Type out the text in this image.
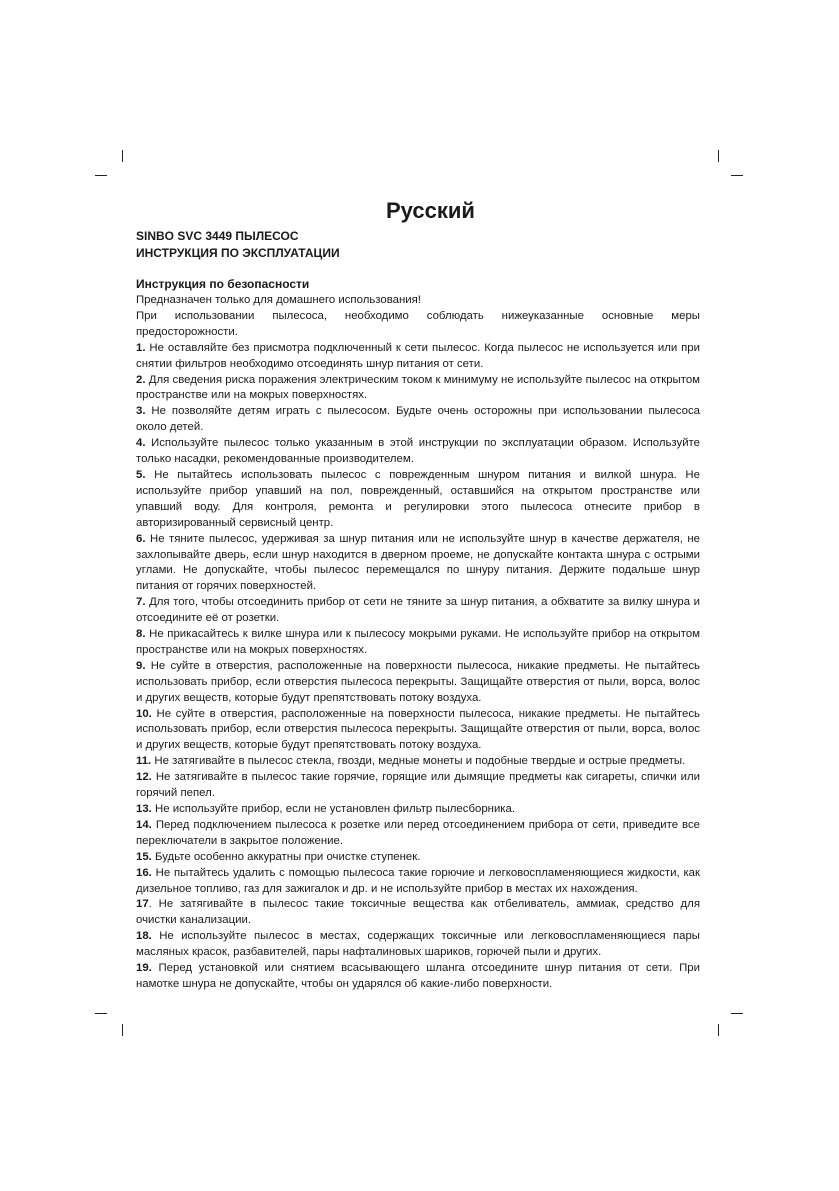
Русский
SINBO SVC 3449 ПЫЛЕСОС
ИНСТРУКЦИЯ ПО ЭКСПЛУАТАЦИИ
Инструкция по безопасности

Предназначен только для домашнего использования!

При использовании пылесоса, необходимо соблюдать нижеуказанные основные меры предосторожности.

1. Не оставляйте без присмотра подключенный к сети пылесос. Когда пылесос не используется или при снятии фильтров необходимо отсоединять шнур питания от сети.

2. Для сведения риска поражения электрическим током к минимуму не используйте пылесос на открытом пространстве или на мокрых поверхностях.

3. Не позволяйте детям играть с пылесосом. Будьте очень осторожны при использовании пылесоса около детей.

4. Используйте пылесос только указанным в этой инструкции по эксплуатации образом. Используйте только насадки, рекомендованные производителем.

5. Не пытайтесь использовать пылесос с поврежденным шнуром питания и вилкой шнура. Не используйте прибор упавший на пол, поврежденный, оставшийся на открытом пространстве или упавший воду. Для контроля, ремонта и регулировки этого пылесоса отнесите прибор в авторизированный сервисный центр.

6. Не тяните пылесос, удерживая за шнур питания или не используйте шнур в качестве держателя, не захлопывайте дверь, если шнур находится в дверном проеме, не допускайте контакта шнура с острыми углами. Не допускайте, чтобы пылесос перемещался по шнуру питания. Держите подальше шнур питания от горячих поверхностей.

7. Для того, чтобы отсоединить прибор от сети не тяните за шнур питания, а обхватите за вилку шнура и отсоедините её от розетки.

8. Не прикасайтесь к вилке шнура или к пылесосу мокрыми руками. Не используйте прибор на открытом пространстве или на мокрых поверхностях.

9. Не суйте в отверстия, расположенные на поверхности пылесоса, никакие предметы. Не пытайтесь использовать прибор, если отверстия пылесоса перекрыты. Защищайте отверстия от пыли, ворса, волос и других веществ, которые будут препятствовать потоку воздуха.

10. Не суйте в отверстия, расположенные на поверхности пылесоса, никакие предметы. Не пытайтесь использовать прибор, если отверстия пылесоса перекрыты. Защищайте отверстия от пыли, ворса, волос и других веществ, которые будут препятствовать потоку воздуха.

11. Не затягивайте в пылесос стекла, гвозди, медные монеты и подобные твердые и острые предметы.

12. Не затягивайте в пылесос такие горячие, горящие или дымящие предметы как сигареты, спички или горячий пепел.

13. Не используйте прибор, если не установлен фильтр пылесборника.

14. Перед подключением пылесоса к розетке или перед отсоединением прибора от сети, приведите все переключатели в закрытое положение.

15. Будьте особенно аккуратны при очистке ступенек.

16. Не пытайтесь удалить с помощью пылесоса такие горючие и легковоспламеняющиеся жидкости, как дизельное топливо, газ для зажигалок и др. и не используйте прибор в местах их нахождения.

17. Не затягивайте в пылесос такие токсичные вещества как отбеливатель, аммиак, средство для очистки канализации.

18. Не используйте пылесос в местах, содержащих токсичные или легковоспламеняющиеся пары масляных красок, разбавителей, пары нафталиновых шариков, горючей пыли и других.

19. Перед установкой или снятием всасывающего шланга отсоедините шнур питания от сети. При намотке шнура не допускайте, чтобы он ударялся об какие-либо поверхности.
